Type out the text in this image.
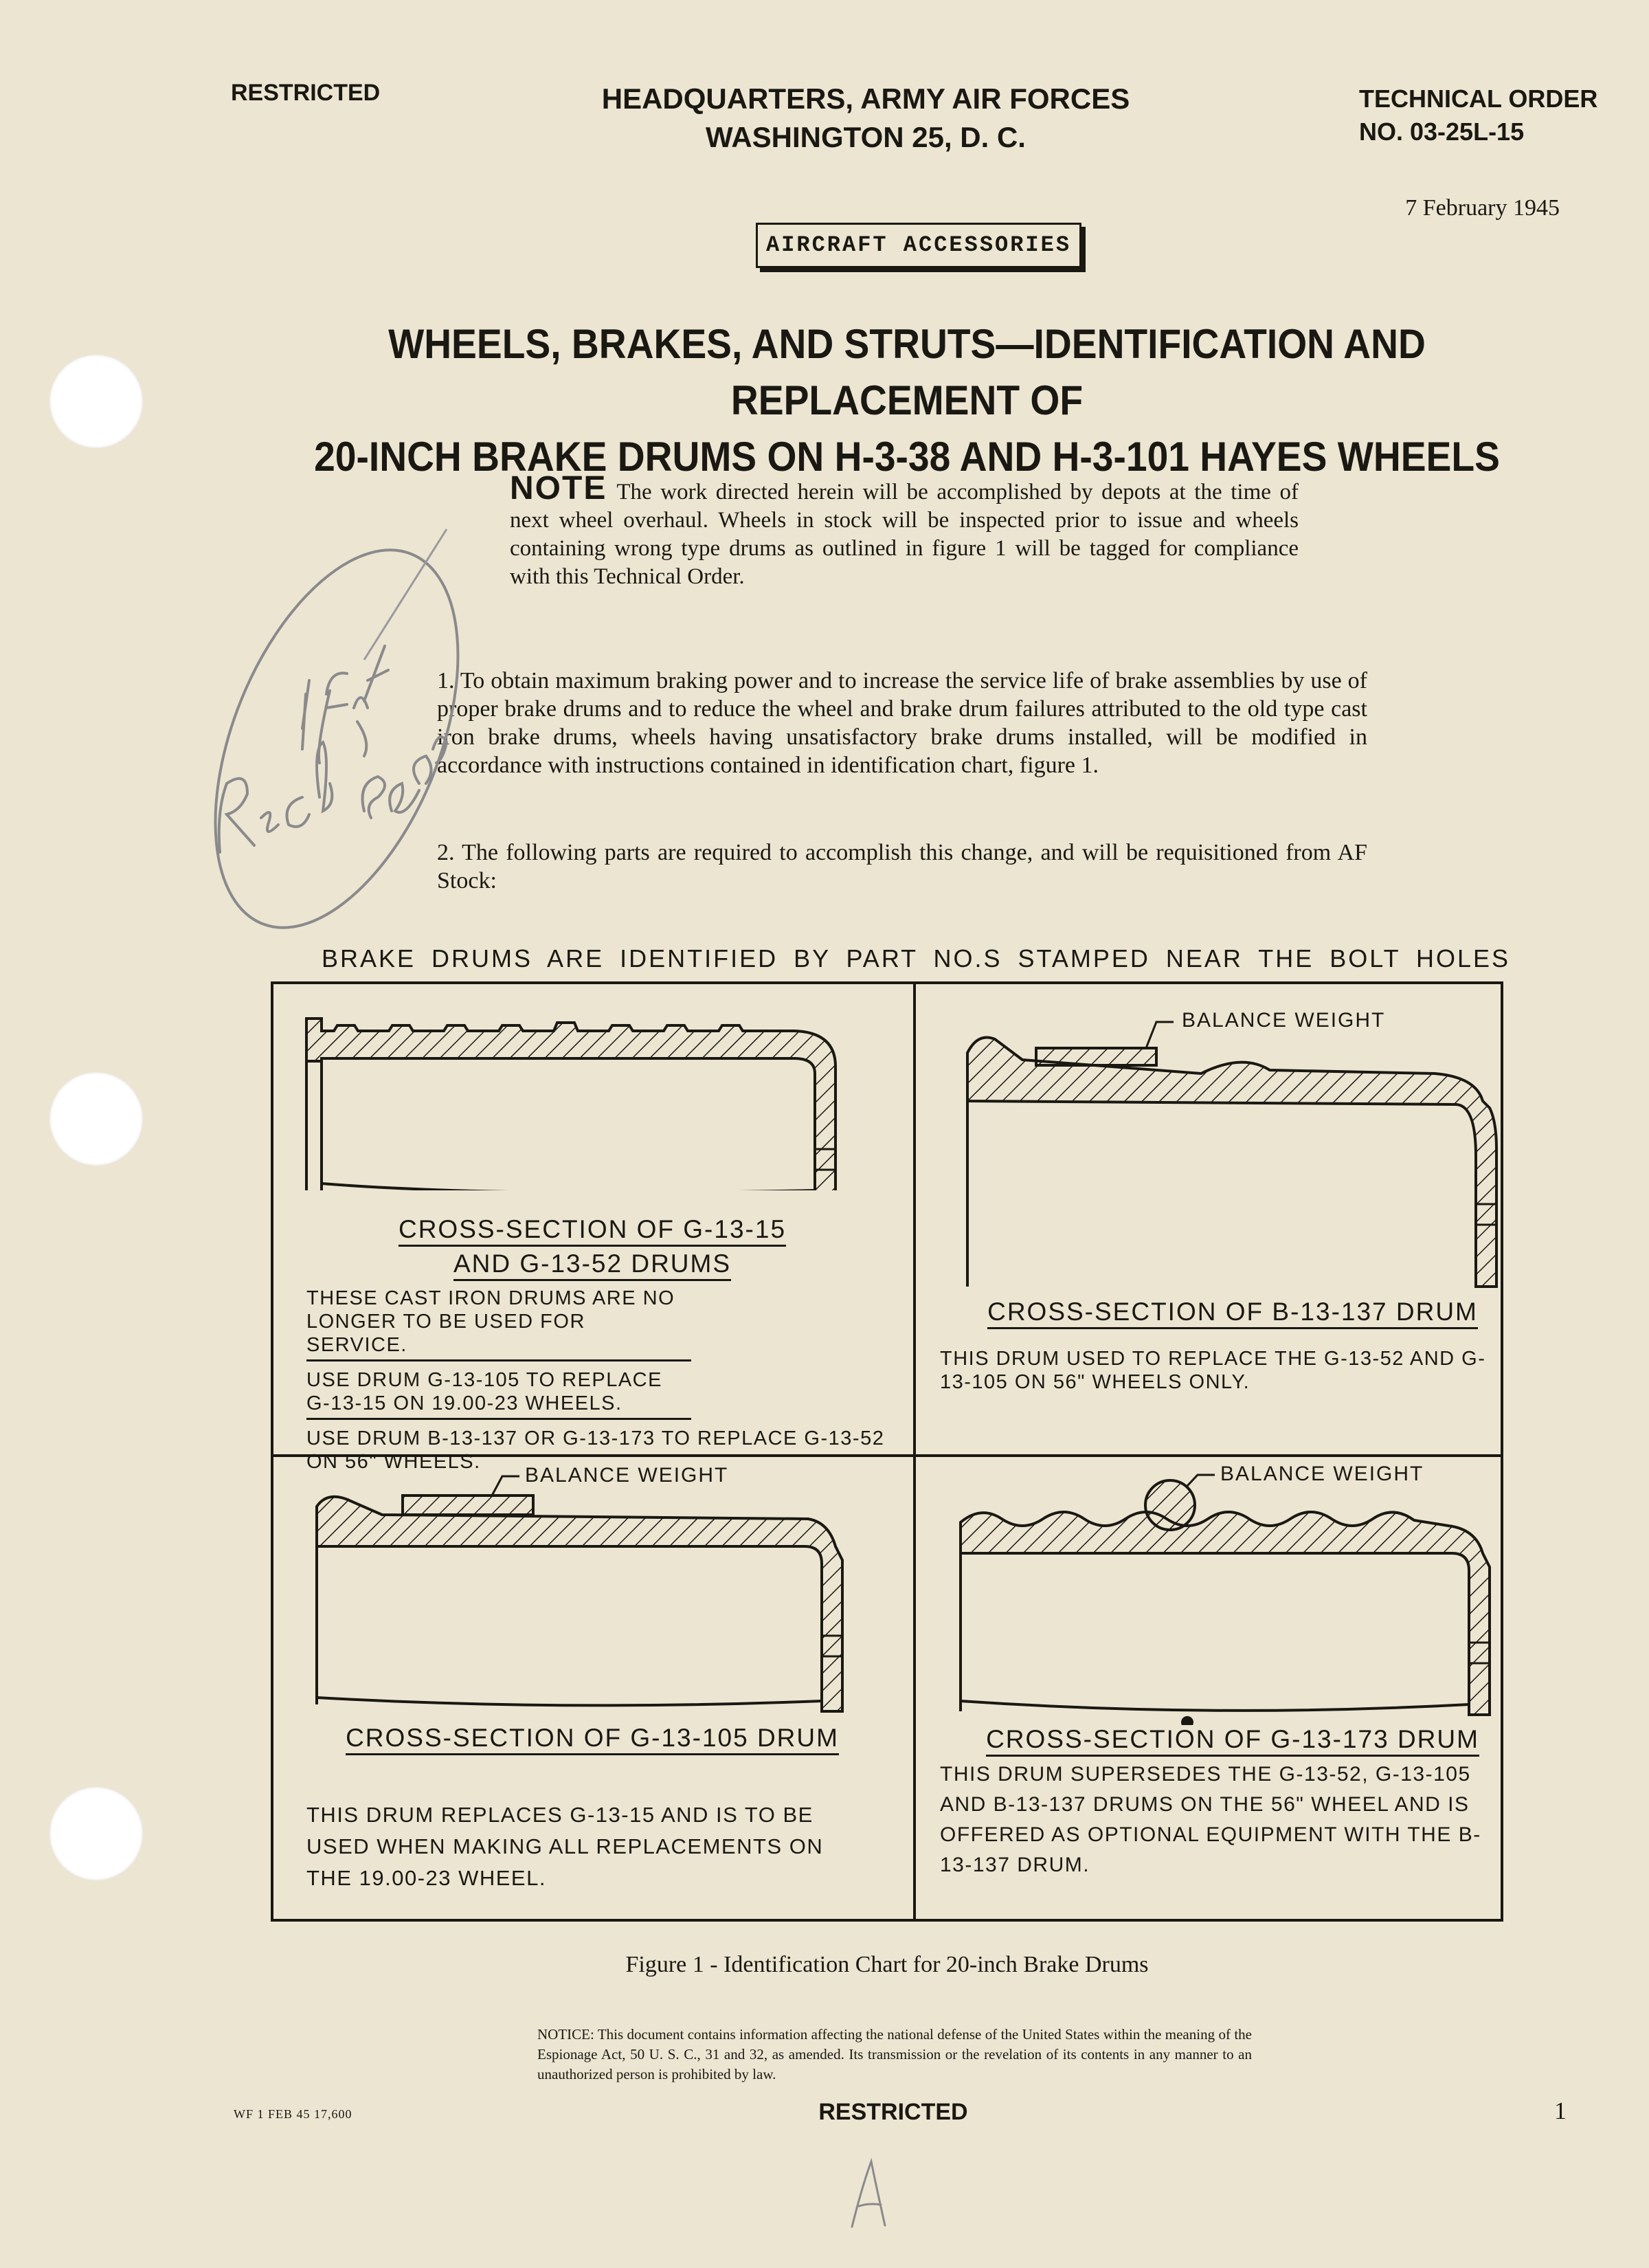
RESTRICTED	HEADQUARTERS, ARMY AIR FORCES
WASHINGTON 25, D. C.
TECHNICAL ORDER
NO. 03-25L-15
7 February 1945
AIRCRAFT ACCESSORIES
WHEELS, BRAKES, AND STRUTS—IDENTIFICATION AND REPLACEMENT OF
20-INCH BRAKE DRUMS ON H-3-38 AND H-3-101 HAYES WHEELS
NOTE The work directed herein will be accomplished by depots at the time of next wheel overhaul. Wheels in stock will be inspected prior to issue and wheels containing wrong type drums as outlined in figure 1 will be tagged for compliance with this Technical Order.
1. To obtain maximum braking power and to increase the service life of brake assemblies by use of proper brake drums and to reduce the wheel and brake drum failures attributed to the old type cast iron brake drums, wheels having unsatisfactory brake drums installed, will be modified in accordance with instructions contained in identification chart, figure 1.
2. The following parts are required to accomplish this change, and will be requisitioned from AF Stock:
BRAKE DRUMS ARE IDENTIFIED BY PART NO.S STAMPED NEAR THE BOLT HOLES
CROSS-SECTION OF G-13-15
AND G-13-52 DRUMS
THESE CAST IRON DRUMS ARE NO LONGER TO BE USED FOR SERVICE.
USE DRUM G-13-105 TO REPLACE G-13-15 ON 19.00-23 WHEELS.
USE DRUM B-13-137 OR G-13-173 TO REPLACE G-13-52 ON 56" WHEELS.
BALANCE WEIGHT
CROSS-SECTION OF B-13-137 DRUM
THIS DRUM USED TO REPLACE THE G-13-52 AND G-13-105 ON 56" WHEELS ONLY.
BALANCE WEIGHT
CROSS-SECTION OF G-13-105 DRUM
THIS DRUM REPLACES G-13-15 AND IS TO BE USED WHEN MAKING ALL REPLACEMENTS ON THE 19.00-23 WHEEL.
BALANCE WEIGHT
CROSS-SECTION OF G-13-173 DRUM
THIS DRUM SUPERSEDES THE G-13-52, G-13-105 AND B-13-137 DRUMS ON THE 56" WHEEL AND IS OFFERED AS OPTIONAL EQUIPMENT WITH THE B-13-137 DRUM.
Figure 1 - Identification Chart for 20-inch Brake Drums
NOTICE: This document contains information affecting the national defense of the United States within the meaning of the Espionage Act, 50 U. S. C., 31 and 32, as amended. Its transmission or the revelation of its contents in any manner to an unauthorized person is prohibited by law.
WF 1 FEB 45 17,600	RESTRICTED	1
